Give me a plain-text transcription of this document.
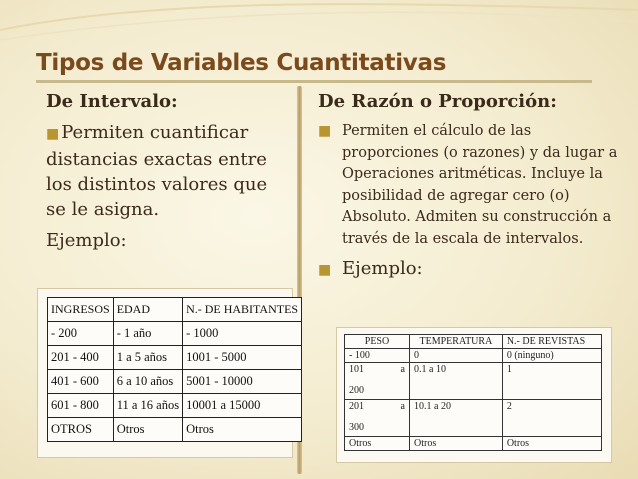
Tipos de Variables Cuantitativas
De Intervalo:
■ Permiten cuantificar distancias exactas entre los distintos valores que se le asigna.
Ejemplo:
INGRESOS	EDAD	N.- DE HABITANTES
- 200	- 1 año	- 1000
201 - 400	1 a 5 años	1001 - 5000
401 - 600	6 a 10 años	5001 - 10000
601 - 800	11 a 16 años	10001 a 15000
OTROS	Otros	Otros
De Razón o Proporción:
■ Permiten el cálculo de las proporciones (o razones) y da lugar a Operaciones aritméticas. Incluye la posibilidad de agregar cero (o) Absoluto. Admiten su construcción a través de la escala de intervalos.
■ Ejemplo:
PESO	TEMPERATURA	N.- DE REVISTAS
- 100	0	0 (ninguno)

101 a
200	0.1 a 10	1

201 a
300	10.1 a 20	2
Otros	Otros	Otros
